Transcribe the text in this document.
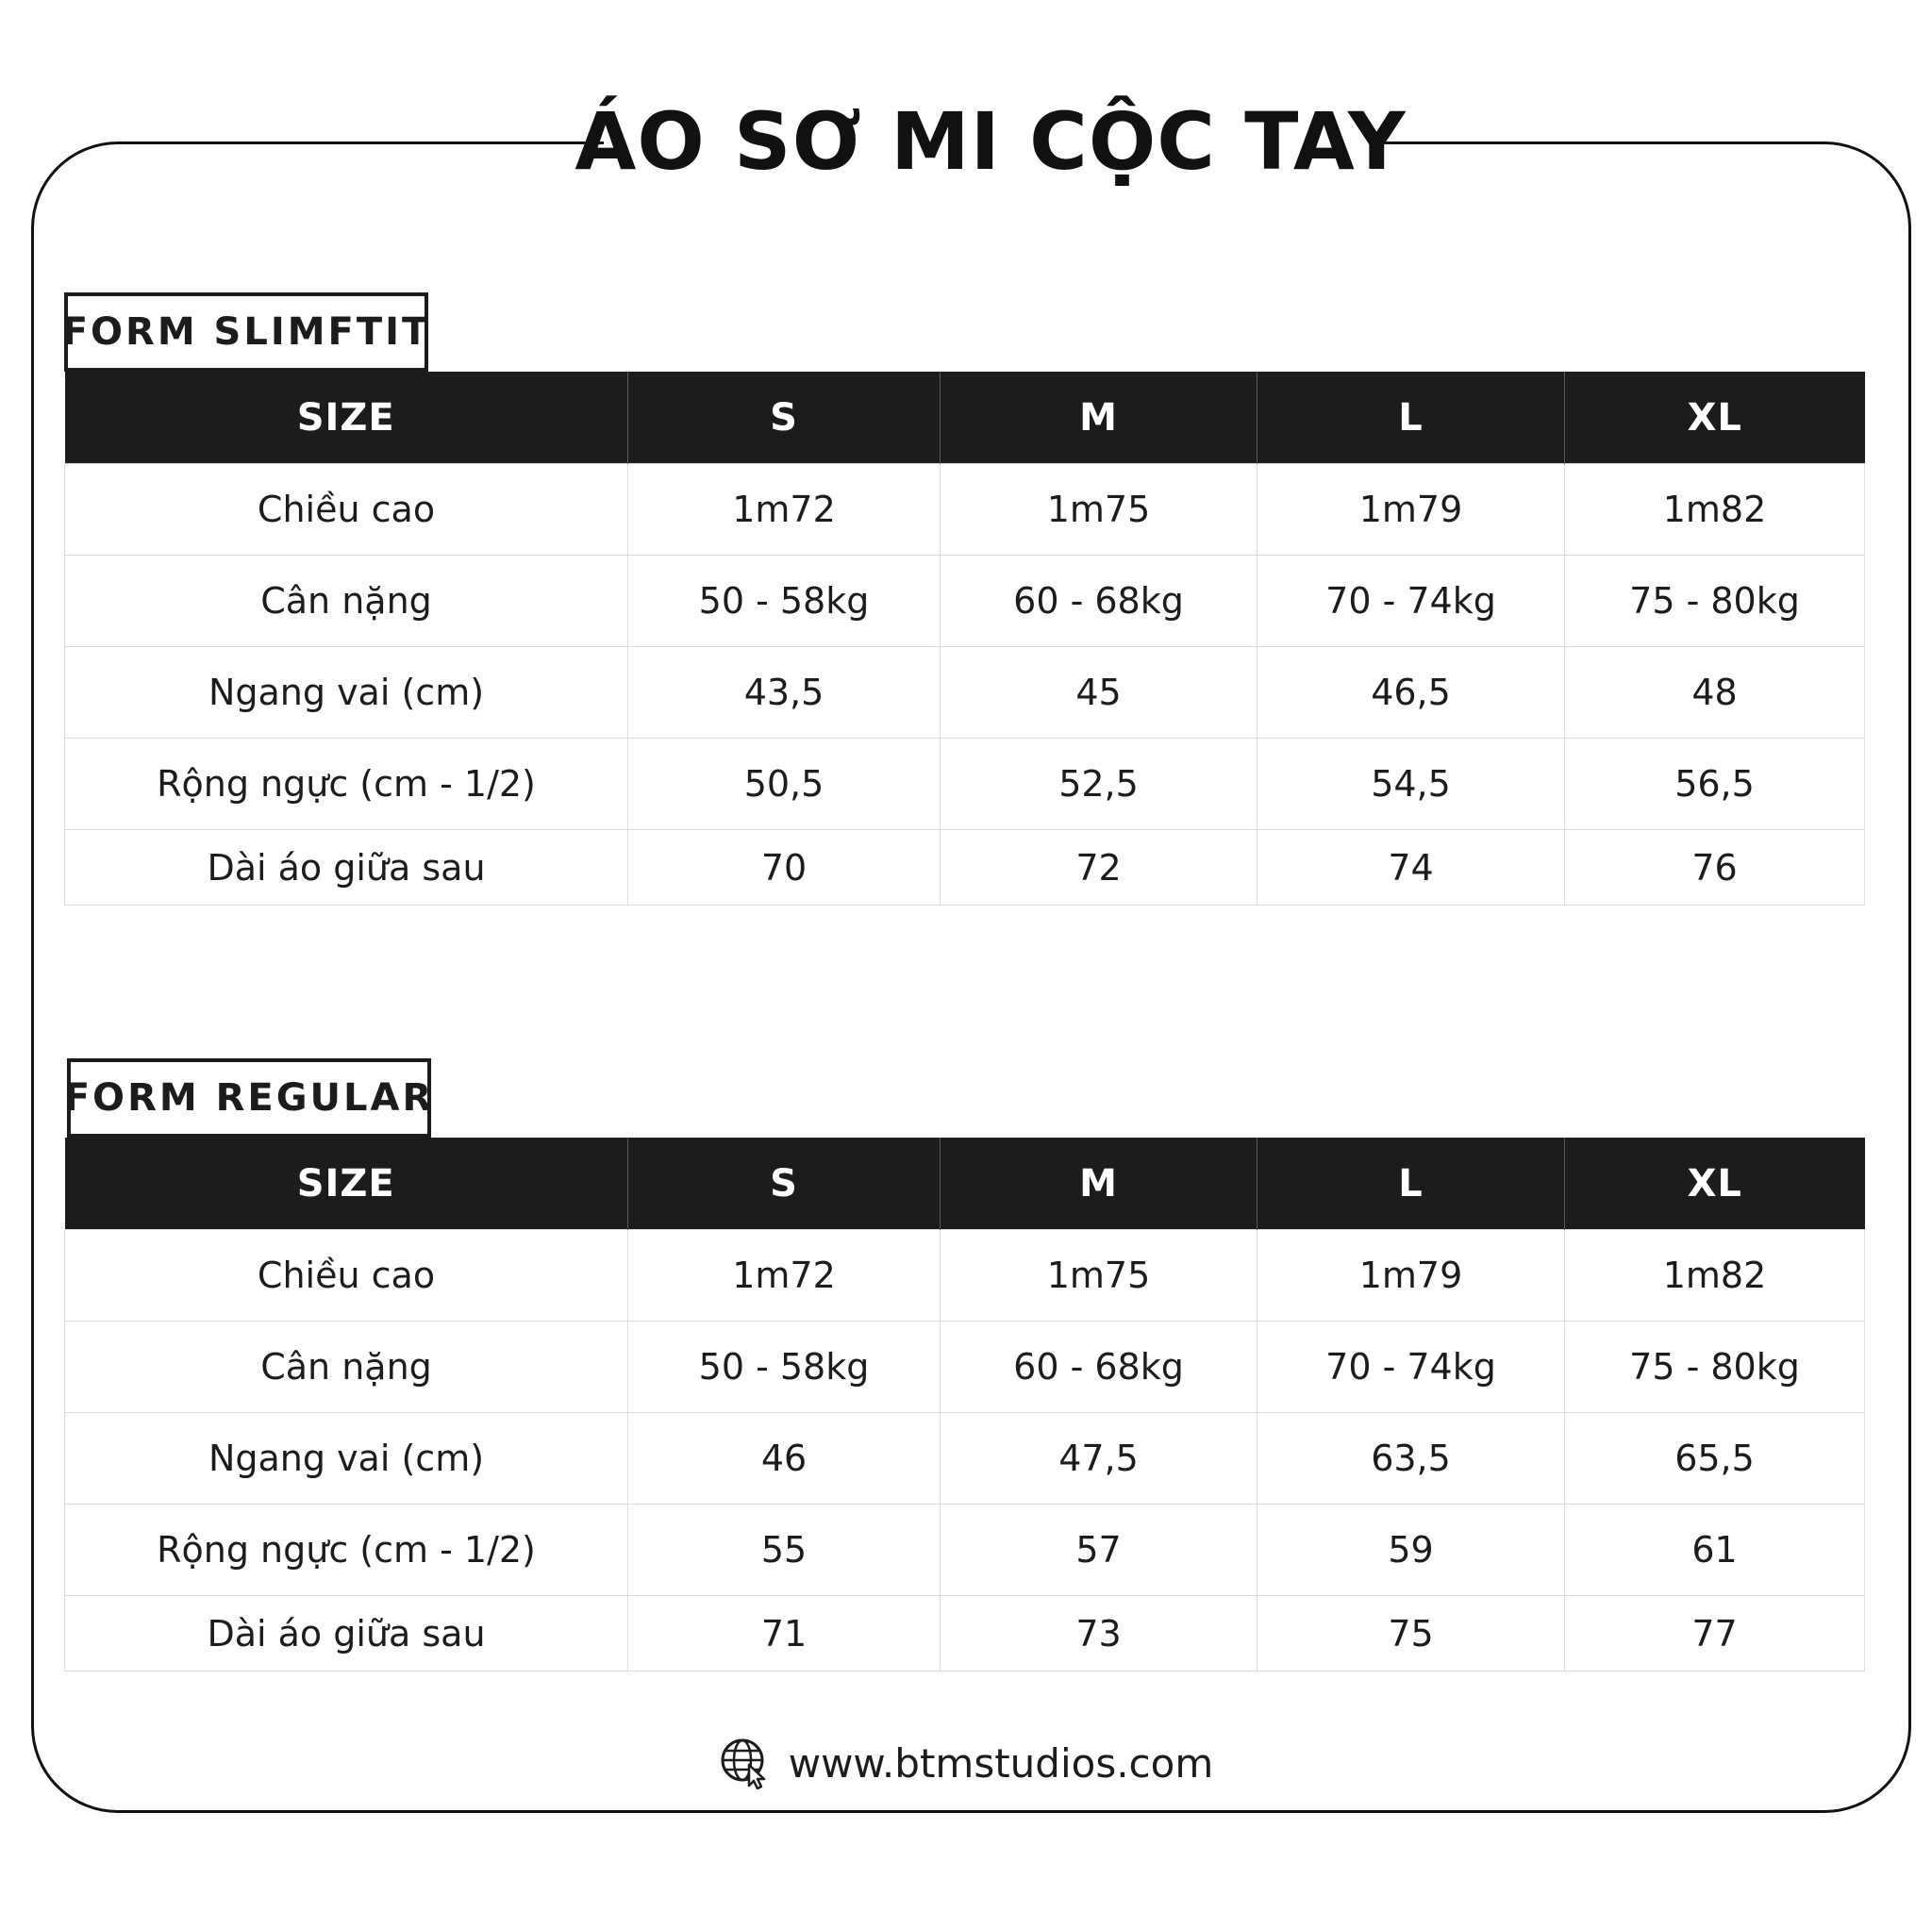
ÁO SƠ MI CỘC TAY
FORM SLIMFTIT
SIZE	S	M	L	XL
Chiều cao	1m72	1m75	1m79	1m82
Cân nặng	50 - 58kg	60 - 68kg	70 - 74kg	75 - 80kg
Ngang vai (cm)	43,5	45	46,5	48
Rộng ngực (cm - 1/2)	50,5	52,5	54,5	56,5
Dài áo giữa sau	70	72	74	76
FORM REGULAR
SIZE	S	M	L	XL
Chiều cao	1m72	1m75	1m79	1m82
Cân nặng	50 - 58kg	60 - 68kg	70 - 74kg	75 - 80kg
Ngang vai (cm)	46	47,5	63,5	65,5
Rộng ngực (cm - 1/2)	55	57	59	61
Dài áo giữa sau	71	73	75	77
www.btmstudios.com
